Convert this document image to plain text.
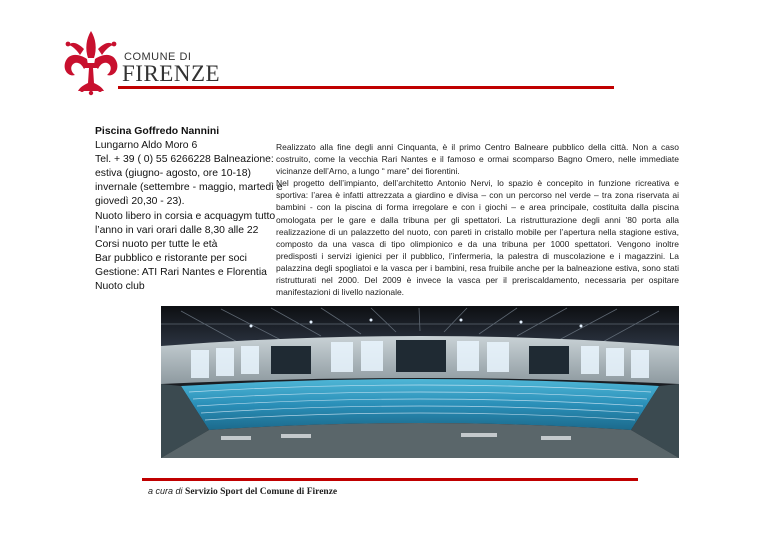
COMUNE DI
FIRENZE
Piscina Goffredo Nannini
Lungarno Aldo Moro 6
Tel. + 39 ( 0) 55 6266228 Balneazione:
estiva (giugno- agosto, ore 10-18)
invernale (settembre - maggio, martedì e
giovedì 20,30 - 23).
Nuoto libero in corsia e acquagym tutto
l’anno in vari orari dalle 8,30 alle 22
Corsi nuoto per tutte le età
Bar pubblico e ristorante per soci
Gestione: ATI Rari Nantes e Florentia
Nuoto club

Realizzato alla fine degli anni Cinquanta, è il primo Centro Balneare pubblico della città. Non a caso costruito, come la vecchia Rari Nantes e il famoso e ormai scomparso Bagno Omero, nelle immediate vicinanze dell’Arno, a lungo “ mare” dei fiorentini.

Nel progetto dell’impianto, dell’architetto Antonio Nervi, lo spazio è concepito in funzione ricreativa e sportiva: l’area è infatti attrezzata a giardino e divisa – con un percorso nel verde – tra zona riservata ai bambini - con la piscina di forma irregolare e con i giochi – e area principale, costituita dalla piscina omologata per le gare e dalla tribuna per gli spettatori. La ristrutturazione degli anni ’80 porta alla realizzazione di un palazzetto del nuoto, con pareti in cristallo mobile per l’apertura nella stagione estiva, composto da una vasca di tipo olimpionico e da una tribuna per 1000 spettatori. Vengono inoltre predisposti i servizi igienici per il pubblico, l’infermeria, la palestra di muscolazione e i magazzini. La palazzina degli spogliatoi e la vasca per i bambini, resa fruibile anche per la balneazione estiva, sono stati ristrutturati nel 2000. Del 2009 è invece la vasca per il preriscaldamento, necessaria per ospitare manifestazioni di livello nazionale.

a cura di Servizio Sport del Comune di Firenze
